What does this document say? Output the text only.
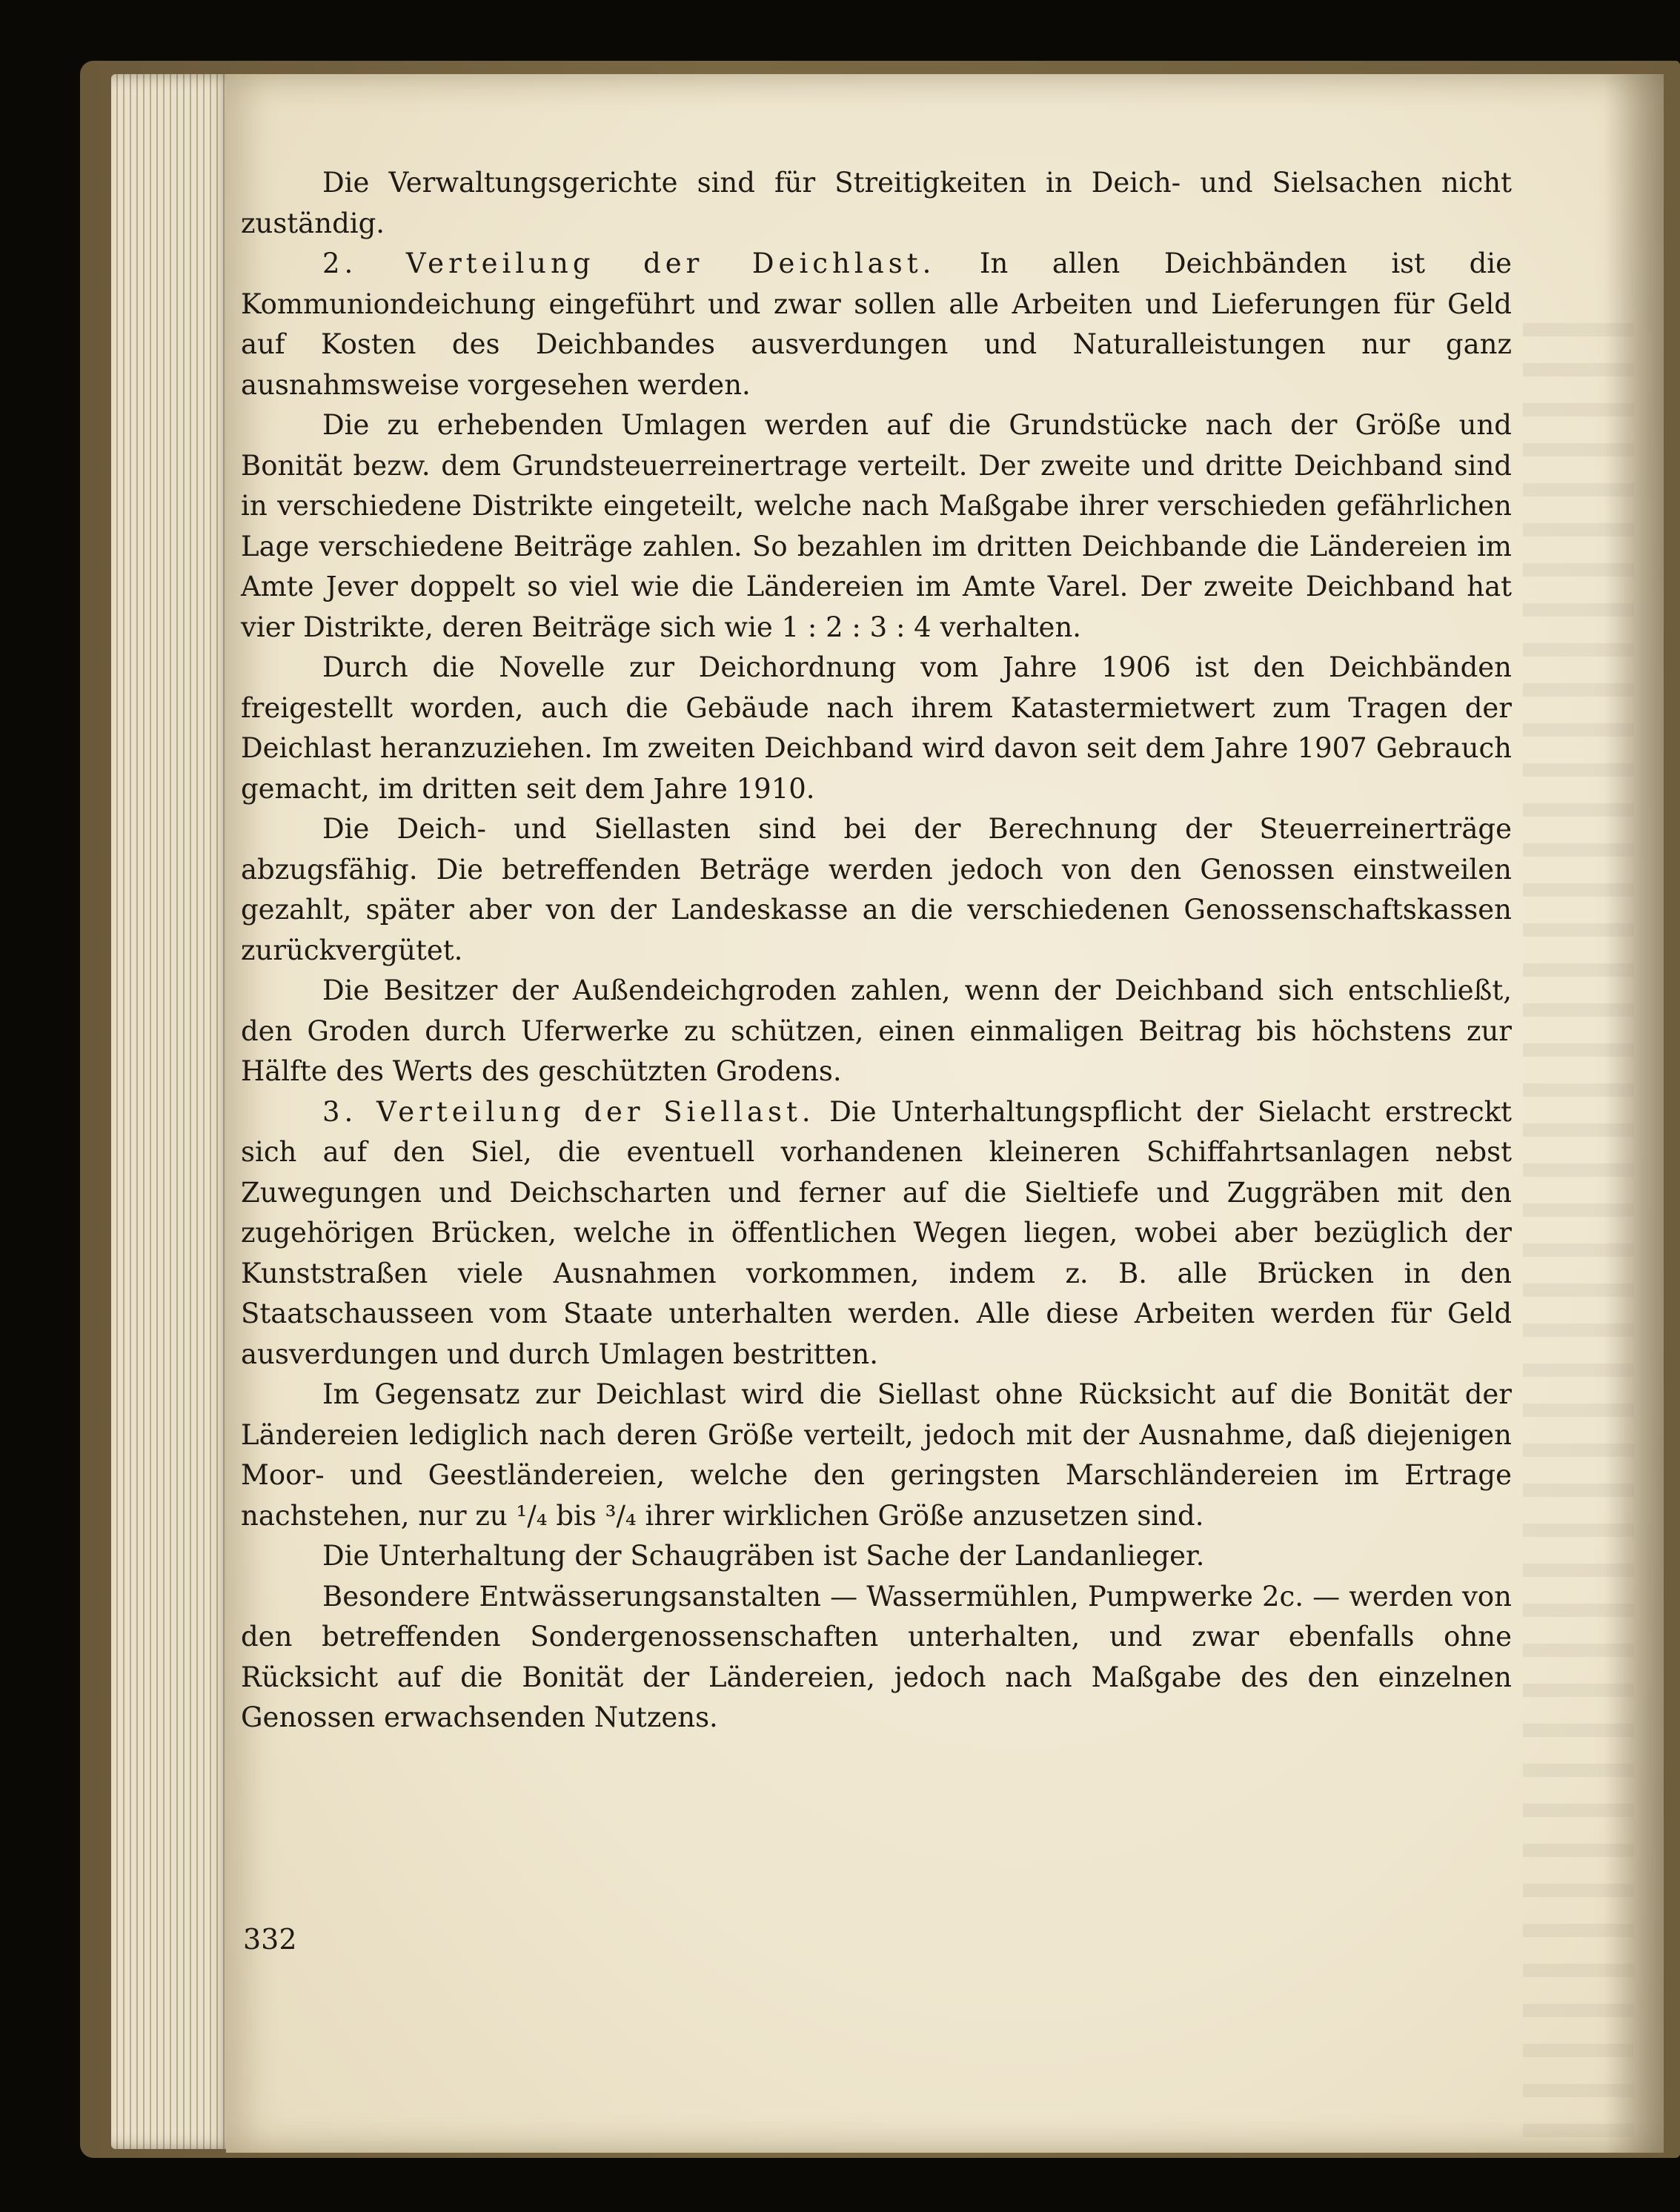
Die Verwaltungsgerichte sind für Streitigkeiten in Deich- und Sielsachen nicht zuständig.

2. Verteilung der Deichlast. In allen Deichbänden ist die Kommuniondeichung eingeführt und zwar sollen alle Arbeiten und Lieferungen für Geld auf Kosten des Deichbandes ausverdungen und Naturalleistungen nur ganz ausnahmsweise vorgesehen werden.

Die zu erhebenden Umlagen werden auf die Grundstücke nach der Größe und Bonität bezw. dem Grundsteuerreinertrage verteilt. Der zweite und dritte Deichband sind in verschiedene Distrikte eingeteilt, welche nach Maßgabe ihrer verschieden gefährlichen Lage verschiedene Beiträge zahlen. So bezahlen im dritten Deichbande die Ländereien im Amte Jever doppelt so viel wie die Ländereien im Amte Varel. Der zweite Deichband hat vier Distrikte, deren Beiträge sich wie 1 : 2 : 3 : 4 verhalten.

Durch die Novelle zur Deichordnung vom Jahre 1906 ist den Deichbänden freigestellt worden, auch die Gebäude nach ihrem Katastermietwert zum Tragen der Deichlast heranzuziehen. Im zweiten Deichband wird davon seit dem Jahre 1907 Gebrauch gemacht, im dritten seit dem Jahre 1910.

Die Deich- und Siellasten sind bei der Berechnung der Steuerreinerträge abzugsfähig. Die betreffenden Beträge werden jedoch von den Genossen einstweilen gezahlt, später aber von der Landeskasse an die verschiedenen Genossenschaftskassen zurückvergütet.

Die Besitzer der Außendeichgroden zahlen, wenn der Deichband sich entschließt, den Groden durch Uferwerke zu schützen, einen einmaligen Beitrag bis höchstens zur Hälfte des Werts des geschützten Grodens.

3. Verteilung der Siellast. Die Unterhaltungspflicht der Sielacht erstreckt sich auf den Siel, die eventuell vorhandenen kleineren Schiffahrtsanlagen nebst Zuwegungen und Deichscharten und ferner auf die Sieltiefe und Zuggräben mit den zugehörigen Brücken, welche in öffentlichen Wegen liegen, wobei aber bezüglich der Kunststraßen viele Ausnahmen vorkommen, indem z. B. alle Brücken in den Staatschausseen vom Staate unterhalten werden. Alle diese Arbeiten werden für Geld ausverdungen und durch Umlagen bestritten.

Im Gegensatz zur Deichlast wird die Siellast ohne Rücksicht auf die Bonität der Ländereien lediglich nach deren Größe verteilt, jedoch mit der Ausnahme, daß diejenigen Moor- und Geestländereien, welche den geringsten Marschländereien im Ertrage nachstehen, nur zu ¹/₄ bis ³/₄ ihrer wirklichen Größe anzusetzen sind.

Die Unterhaltung der Schaugräben ist Sache der Landanlieger.

Besondere Entwässerungsanstalten — Wassermühlen, Pumpwerke 2c. — werden von den betreffenden Sondergenossenschaften unterhalten, und zwar ebenfalls ohne Rücksicht auf die Bonität der Ländereien, jedoch nach Maßgabe des den einzelnen Genossen erwachsenden Nutzens.

332
